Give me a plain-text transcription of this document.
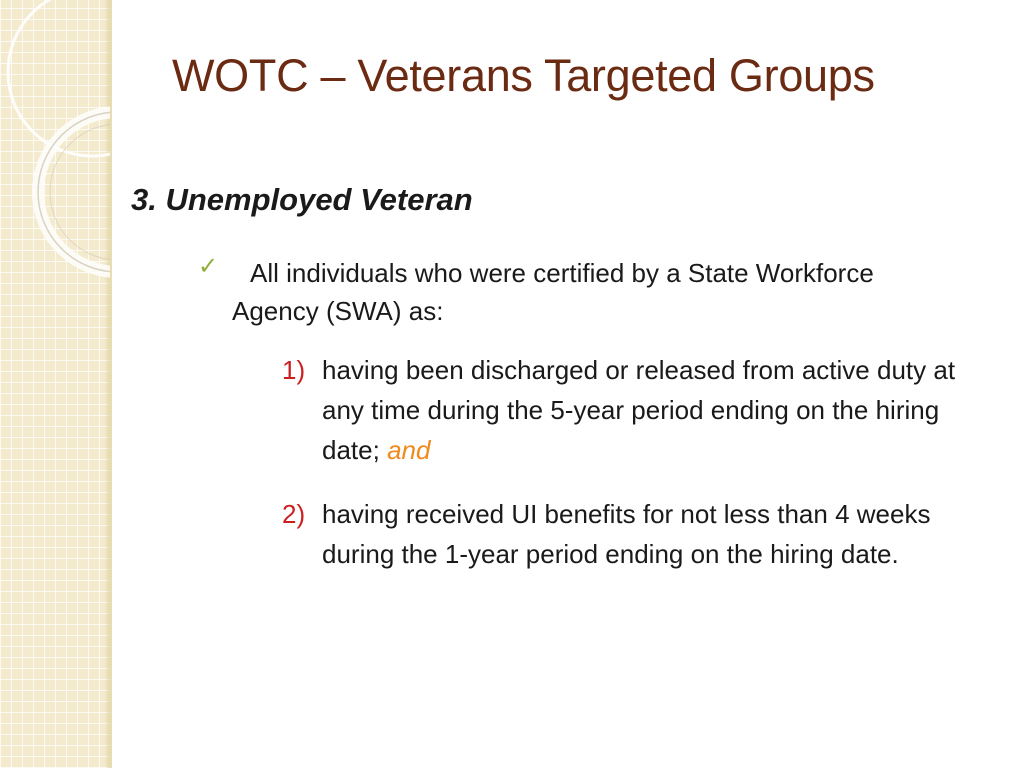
WOTC – Veterans Targeted Groups
3. Unemployed Veteran
✓	All individuals who were certified by a State Workforce Agency (SWA) as:

1) having been discharged or released from active duty at any time during the 5-year period ending on the hiring date; and

2) having received UI benefits for not less than 4 weeks during the 1-year period ending on the hiring date.
